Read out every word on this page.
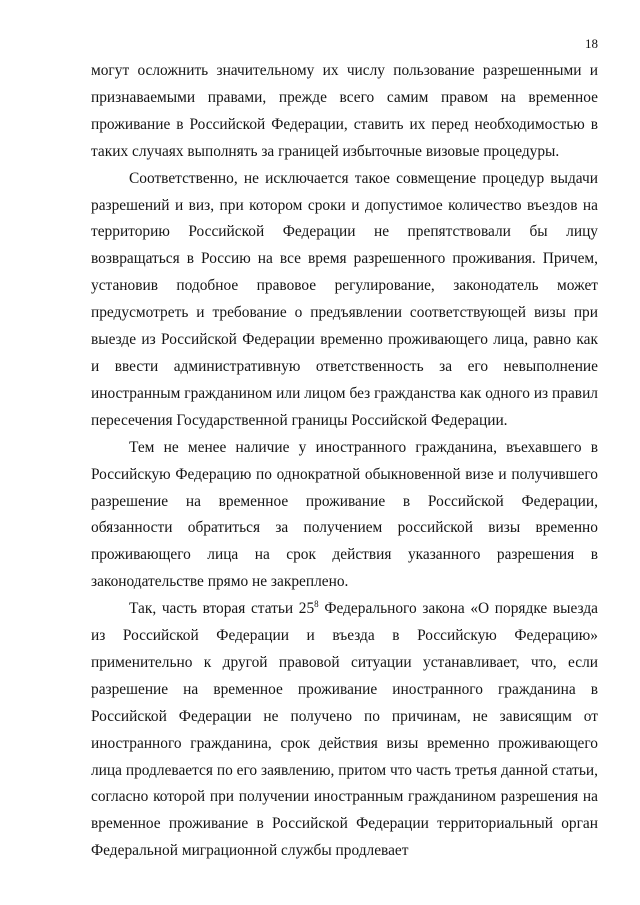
18

могут осложнить значительному их числу пользование разрешенными и признаваемыми правами, прежде всего самим правом на временное проживание в Российской Федерации, ставить их перед необходимостью в таких случаях выполнять за границей избыточные визовые процедуры.

Соответственно, не исключается такое совмещение процедур выдачи разрешений и виз, при котором сроки и допустимое количество въездов на территорию Российской Федерации не препятствовали бы лицу возвращаться в Россию на все время разрешенного проживания. Причем, установив подобное правовое регулирование, законодатель может предусмотреть и требование о предъявлении соответствующей визы при выезде из Российской Федерации временно проживающего лица, равно как и ввести административную ответственность за его невыполнение иностранным гражданином или лицом без гражданства как одного из правил пересечения Государственной границы Российской Федерации.

Тем не менее наличие у иностранного гражданина, въехавшего в Российскую Федерацию по однократной обыкновенной визе и получившего разрешение на временное проживание в Российской Федерации, обязанности обратиться за получением российской визы временно проживающего лица на срок действия указанного разрешения в законодательстве прямо не закреплено.

Так, часть вторая статьи $25^8$ Федерального закона «О порядке выезда из Российской Федерации и въезда в Российскую Федерацию» применительно к другой правовой ситуации устанавливает, что, если разрешение на временное проживание иностранного гражданина в Российской Федерации не получено по причинам, не зависящим от иностранного гражданина, срок действия визы временно проживающего лица продлевается по его заявлению, притом что часть третья данной статьи, согласно которой при получении иностранным гражданином разрешения на временное проживание в Российской Федерации территориальный орган Федеральной миграционной службы продлевает
